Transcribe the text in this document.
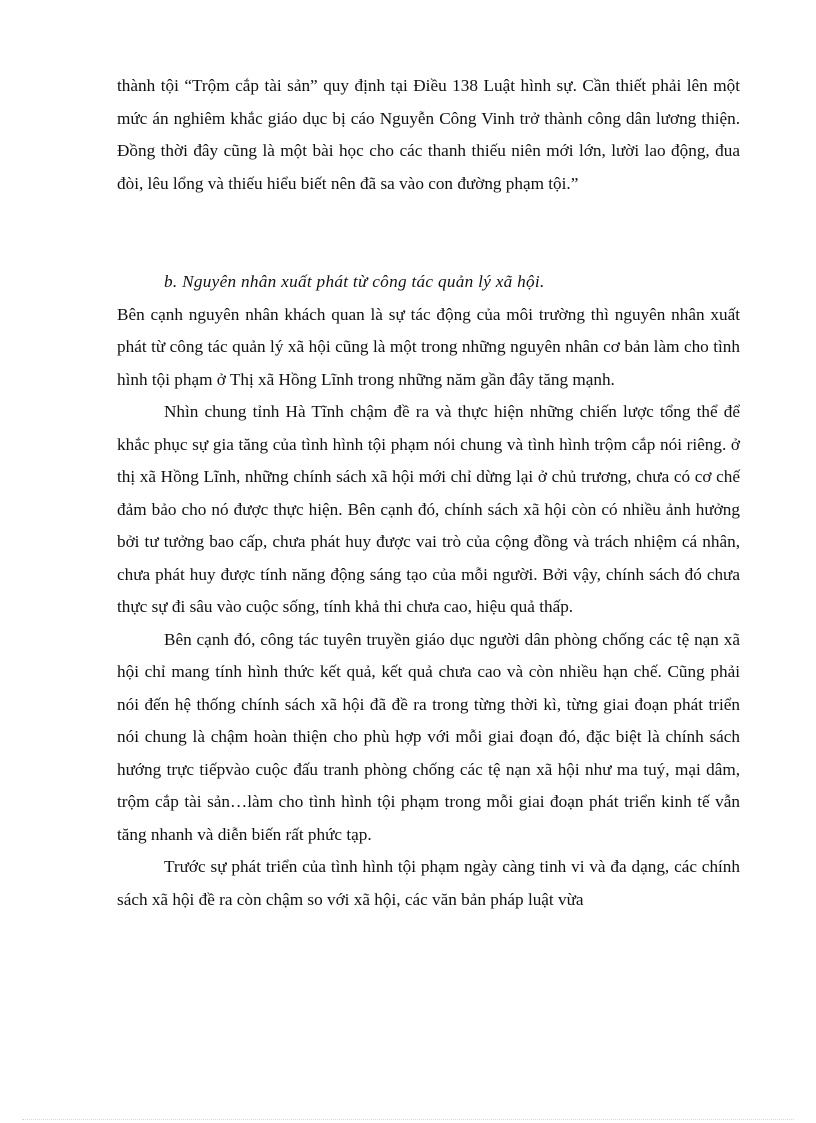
thành tội “Trộm cắp tài sản” quy định tại Điều 138 Luật hình sự. Cần thiết phải lên một mức án nghiêm khắc giáo dục bị cáo Nguyễn Công Vinh trở thành công dân lương thiện. Đồng thời đây cũng là một bài học cho các thanh thiếu niên mới lớn, lười lao động, đua đòi, lêu lổng và thiếu hiểu biết nên đã sa vào con đường phạm tội.”

b. Nguyên nhân xuất phát từ công tác quản lý xã hội.

Bên cạnh nguyên nhân khách quan là sự tác động của môi trường thì nguyên nhân xuất phát từ công tác quản lý xã hội cũng là một trong những nguyên nhân cơ bản làm cho tình hình tội phạm ở Thị xã Hồng Lĩnh trong những năm gần đây tăng mạnh.

Nhìn chung tỉnh Hà Tĩnh chậm đề ra và thực hiện những chiến lược tổng thể để khắc phục sự gia tăng của tình hình tội phạm nói chung và tình hình trộm cắp nói riêng. ở thị xã Hồng Lĩnh, những chính sách xã hội mới chỉ dừng lại ở chủ trương, chưa có cơ chế đảm bảo cho nó được thực hiện. Bên cạnh đó, chính sách xã hội còn có nhiều ảnh hưởng bởi tư tưởng bao cấp, chưa phát huy được vai trò của cộng đồng và trách nhiệm cá nhân, chưa phát huy được tính năng động sáng tạo của mỗi người. Bởi vậy, chính sách đó chưa thực sự đi sâu vào cuộc sống, tính khả thi chưa cao, hiệu quả thấp.

Bên cạnh đó, công tác tuyên truyền giáo dục người dân phòng chống các tệ nạn xã hội chỉ mang tính hình thức kết quả, kết quả chưa cao và còn nhiều hạn chế. Cũng phải nói đến hệ thống chính sách xã hội đã đề ra trong từng thời kì, từng giai đoạn phát triển nói chung là chậm hoàn thiện cho phù hợp với mỗi giai đoạn đó, đặc biệt là chính sách hướng trực tiếpvào cuộc đấu tranh phòng chống các tệ nạn xã hội như ma tuý, mại dâm, trộm cắp tài sản…làm cho tình hình tội phạm trong mỗi giai đoạn phát triển kinh tế vẫn tăng nhanh và diễn biến rất phức tạp.

Trước sự phát triển của tình hình tội phạm ngày càng tinh vi và đa dạng, các chính sách xã hội đề ra còn chậm so với xã hội, các văn bản pháp luật vừa
